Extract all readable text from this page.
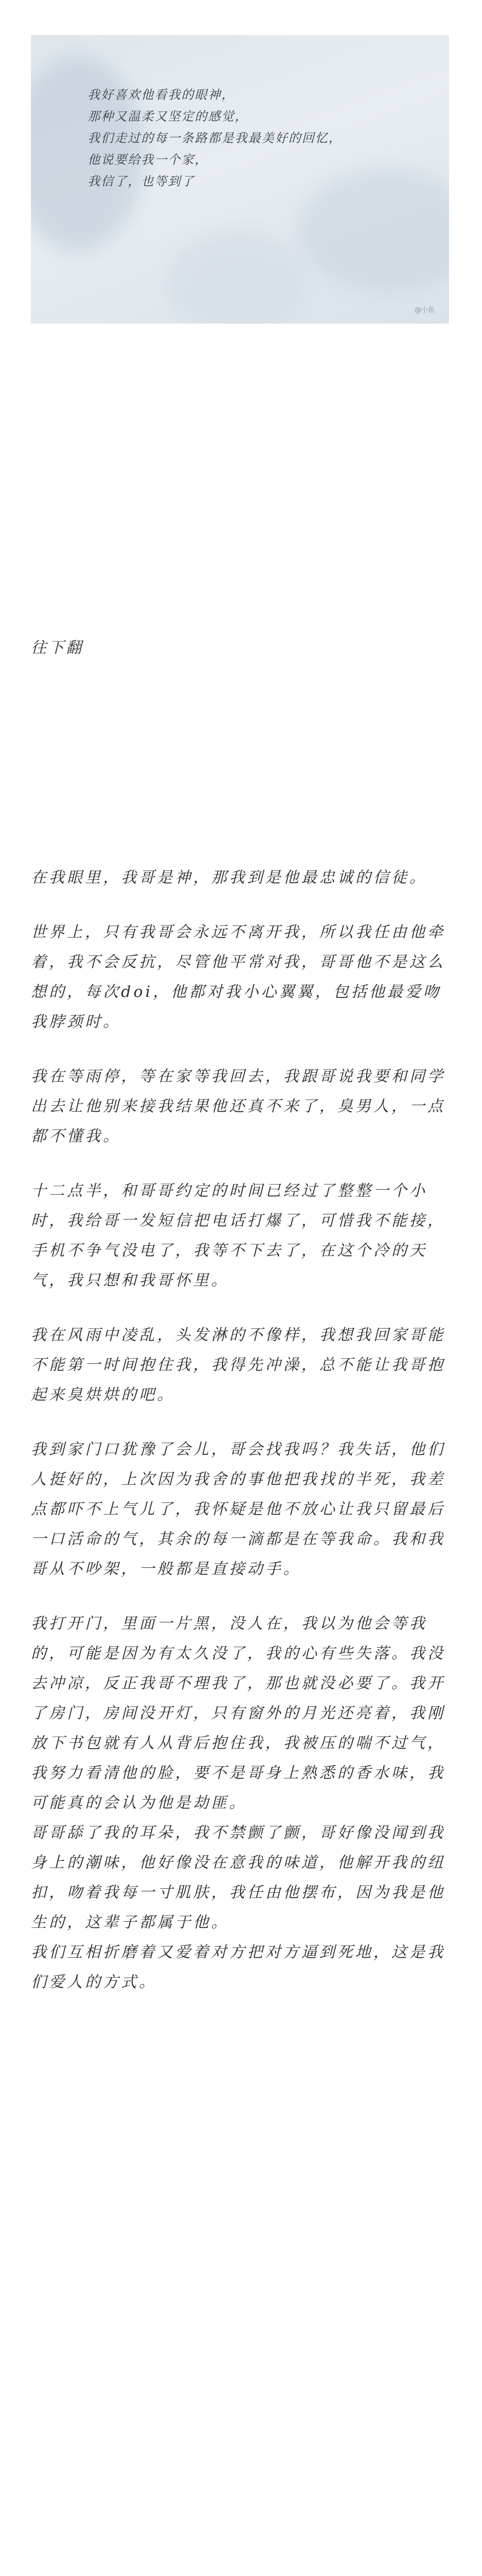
我好喜欢他看我的眼神，
那种又温柔又坚定的感觉，
我们走过的每一条路都是我最美好的回忆，
他说要给我一个家，
我信了，也等到了
@小鱼
往下翻

在我眼里，我哥是神，那我到是他最忠诚的信徒。

世界上，只有我哥会永远不离开我，所以我任由他牵着，我不会反抗，尽管他平常对我，哥哥他不是这么想的，每次doi，他都对我小心翼翼，包括他最爱吻我脖颈时。

我在等雨停，等在家等我回去，我跟哥说我要和同学出去让他别来接我结果他还真不来了，臭男人，一点都不懂我。

十二点半，和哥哥约定的时间已经过了整整一个小时，我给哥一发短信把电话打爆了，可惜我不能接，手机不争气没电了，我等不下去了，在这个冷的天气，我只想和我哥怀里。

我在风雨中凌乱，头发淋的不像样，我想我回家哥能不能第一时间抱住我，我得先冲澡，总不能让我哥抱起来臭烘烘的吧。

我到家门口犹豫了会儿，哥会找我吗？我失话，他们人挺好的，上次因为我舍的事他把我找的半死，我差点都吓不上气儿了，我怀疑是他不放心让我只留最后一口活命的气，其余的每一滴都是在等我命。我和我哥从不吵架，一般都是直接动手。

我打开门，里面一片黑，没人在，我以为他会等我的，可能是因为有太久没了，我的心有些失落。我没去冲凉，反正我哥不理我了，那也就没必要了。我开了房门，房间没开灯，只有窗外的月光还亮着，我刚放下书包就有人从背后抱住我，我被压的喘不过气，我努力看清他的脸，要不是哥身上熟悉的香水味，我可能真的会认为他是劫匪。

哥哥舔了我的耳朵，我不禁颤了颤，哥好像没闻到我身上的潮味，他好像没在意我的味道，他解开我的纽扣，吻着我每一寸肌肤，我任由他摆布，因为我是他生的，这辈子都属于他。

我们互相折磨着又爱着对方把对方逼到死地，这是我们爱人的方式。
